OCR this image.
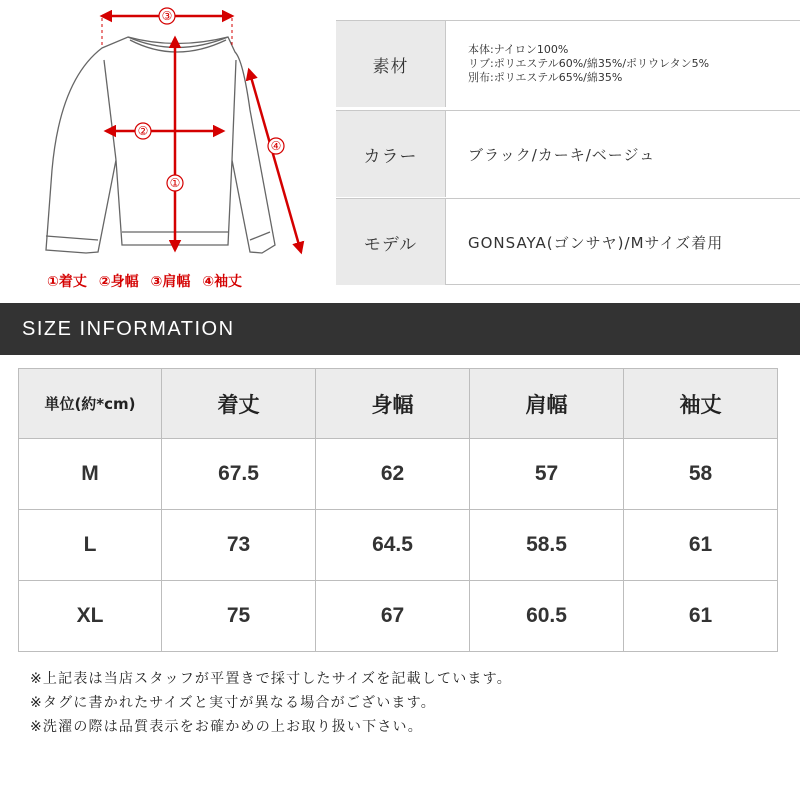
③
②
①
④
①着丈 ②身幅 ③肩幅 ④袖丈
素材
本体:ナイロン100%
リブ:ポリエステル60%/綿35%/ポリウレタン5%
別布:ポリエステル65%/綿35%
カラー	ブラック/カーキ/ベージュ
モデル	GONSAYA(ゴンサヤ)/Mサイズ着用
SIZE INFORMATION
単位(約*cm)	着丈	身幅	肩幅	袖丈
M	67.5	62	57	58
L	73	64.5	58.5	61
XL	75	67	60.5	61

※上記表は当店スタッフが平置きで採寸したサイズを記載しています。

※タグに書かれたサイズと実寸が異なる場合がございます。

※洗濯の際は品質表示をお確かめの上お取り扱い下さい。
